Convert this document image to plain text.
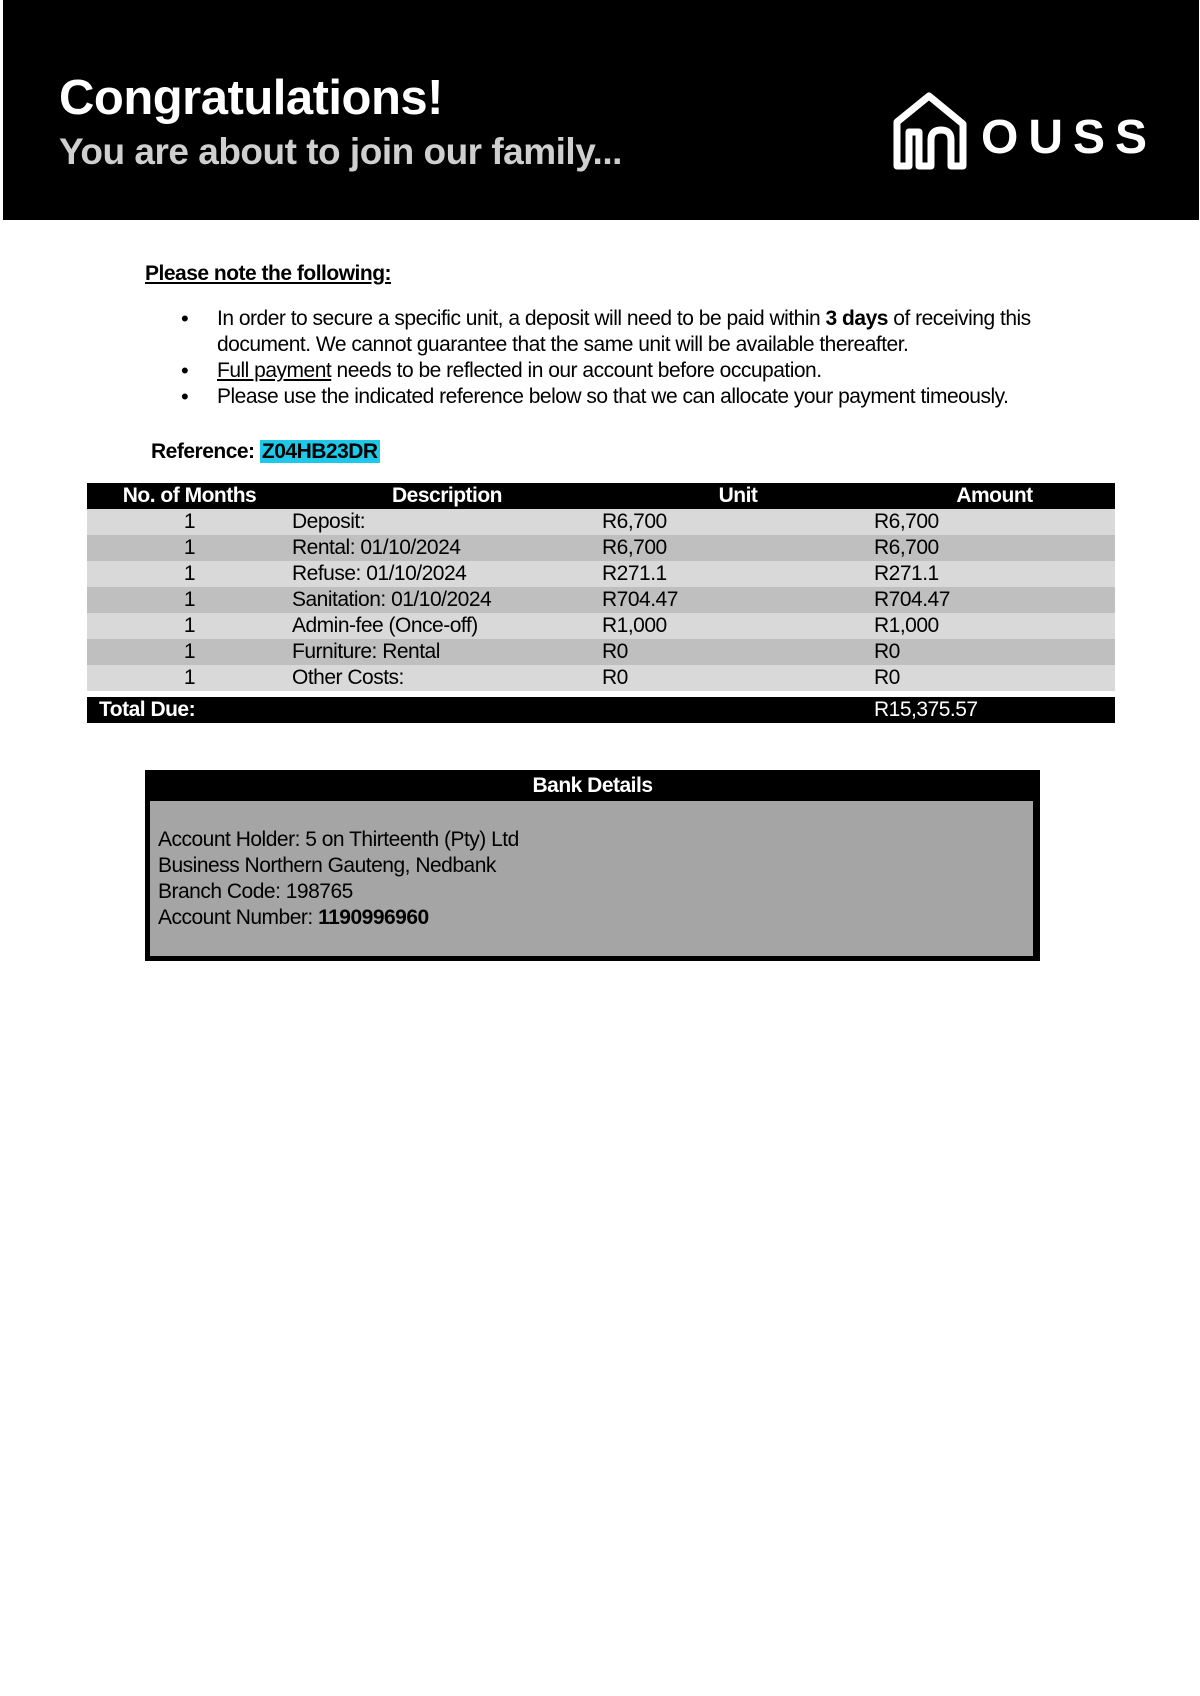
Congratulations!
You are about to join our family...	OUSS
Please note the following:
• In order to secure a specific unit, a deposit will need to be paid within 3 days of receiving this document. We cannot guarantee that the same unit will be available thereafter.
• Full payment needs to be reflected in our account before occupation.
• Please use the indicated reference below so that we can allocate your payment timeously.
Reference: Z04HB23DR
No. of Months	Description	Unit	Amount
1	Deposit:	R6,700	R6,700
1	Rental: 01/10/2024	R6,700	R6,700
1	Refuse: 01/10/2024	R271.1	R271.1
1	Sanitation: 01/10/2024	R704.47	R704.47
1	Admin-fee (Once-off)	R1,000	R1,000
1	Furniture: Rental	R0	R0
1	Other Costs:	R0	R0

Total Due:			R15,375.57
Bank Details
Account Holder: 5 on Thirteenth (Pty) Ltd
Business Northern Gauteng, Nedbank
Branch Code: 198765
Account Number: 1190996960
